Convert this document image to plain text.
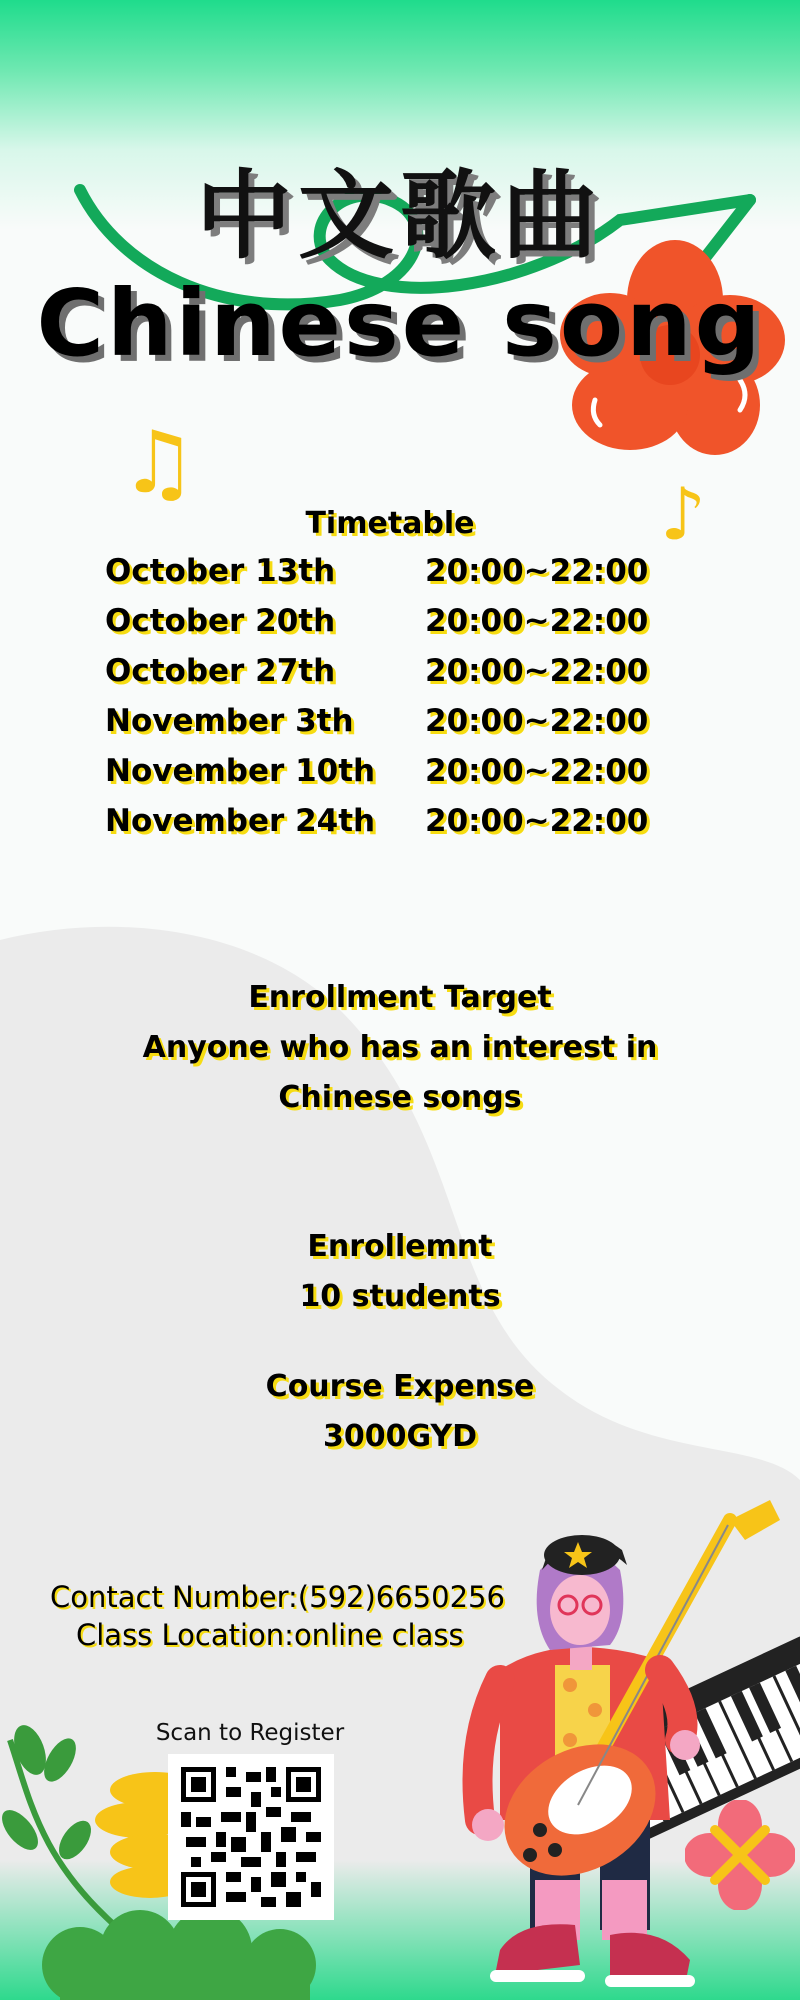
中文歌曲
Chinese song
♫
♪
Timetable
October 13th	20:00~22:00
October 20th	20:00~22:00
October 27th	20:00~22:00
November 3th 20:00~22:00
November 10th 20:00~22:00
November 24th 20:00~22:00
Enrollment Target
Anyone who has an interest in
Chinese songs
Enrollemnt
10 students
Course Expense
3000GYD
Contact Number:(592)6650256
Class Location:online class
Scan to Register
